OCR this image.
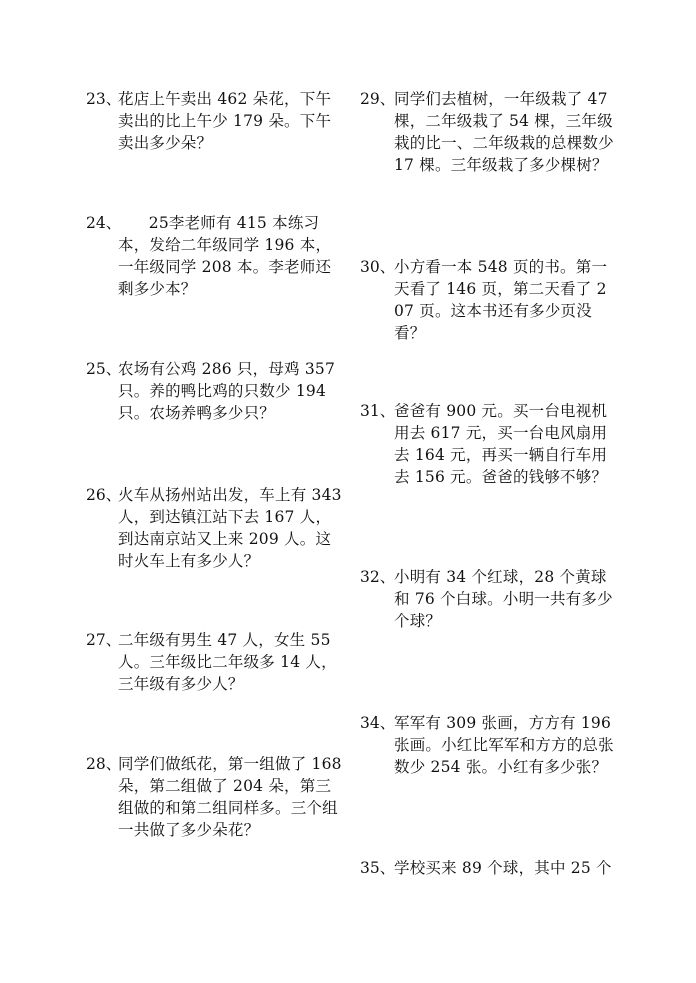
23、
花店上午卖出 462 朵花，下午卖出的比上午少 179 朵。下午卖出多少朵？
24、
25李老师有 415 本练习本，发给二年级同学 196 本，一年级同学 208 本。李老师还剩多少本？
25、
农场有公鸡 286 只，母鸡 357 只。养的鸭比鸡的只数少 194 只。农场养鸭多少只？
26、
火车从扬州站出发，车上有 343 人，到达镇江站下去 167 人，到达南京站又上来 209 人。这时火车上有多少人？
27、
二年级有男生 47 人，女生 55 人。三年级比二年级多 14 人，三年级有多少人？
28、
同学们做纸花，第一组做了 168 朵，第二组做了 204 朵，第三组做的和第二组同样多。三个组一共做了多少朵花？
29、
同学们去植树，一年级栽了 47 棵，二年级栽了 54 棵，三年级栽的比一、二年级栽的总棵数少 17 棵。三年级栽了多少棵树？
30、
小方看一本 548 页的书。第一天看了 146 页，第二天看了 207 页。这本书还有多少页没看？
31、
爸爸有 900 元。买一台电视机用去 617 元，买一台电风扇用去 164 元，再买一辆自行车用去 156 元。爸爸的钱够不够？
32、
小明有 34 个红球，28 个黄球和 76 个白球。小明一共有多少个球？
34、
军军有 309 张画，方方有 196 张画。小红比军军和方方的总张数少 254 张。小红有多少张？
35、
学校买来 89 个球，其中 25 个
